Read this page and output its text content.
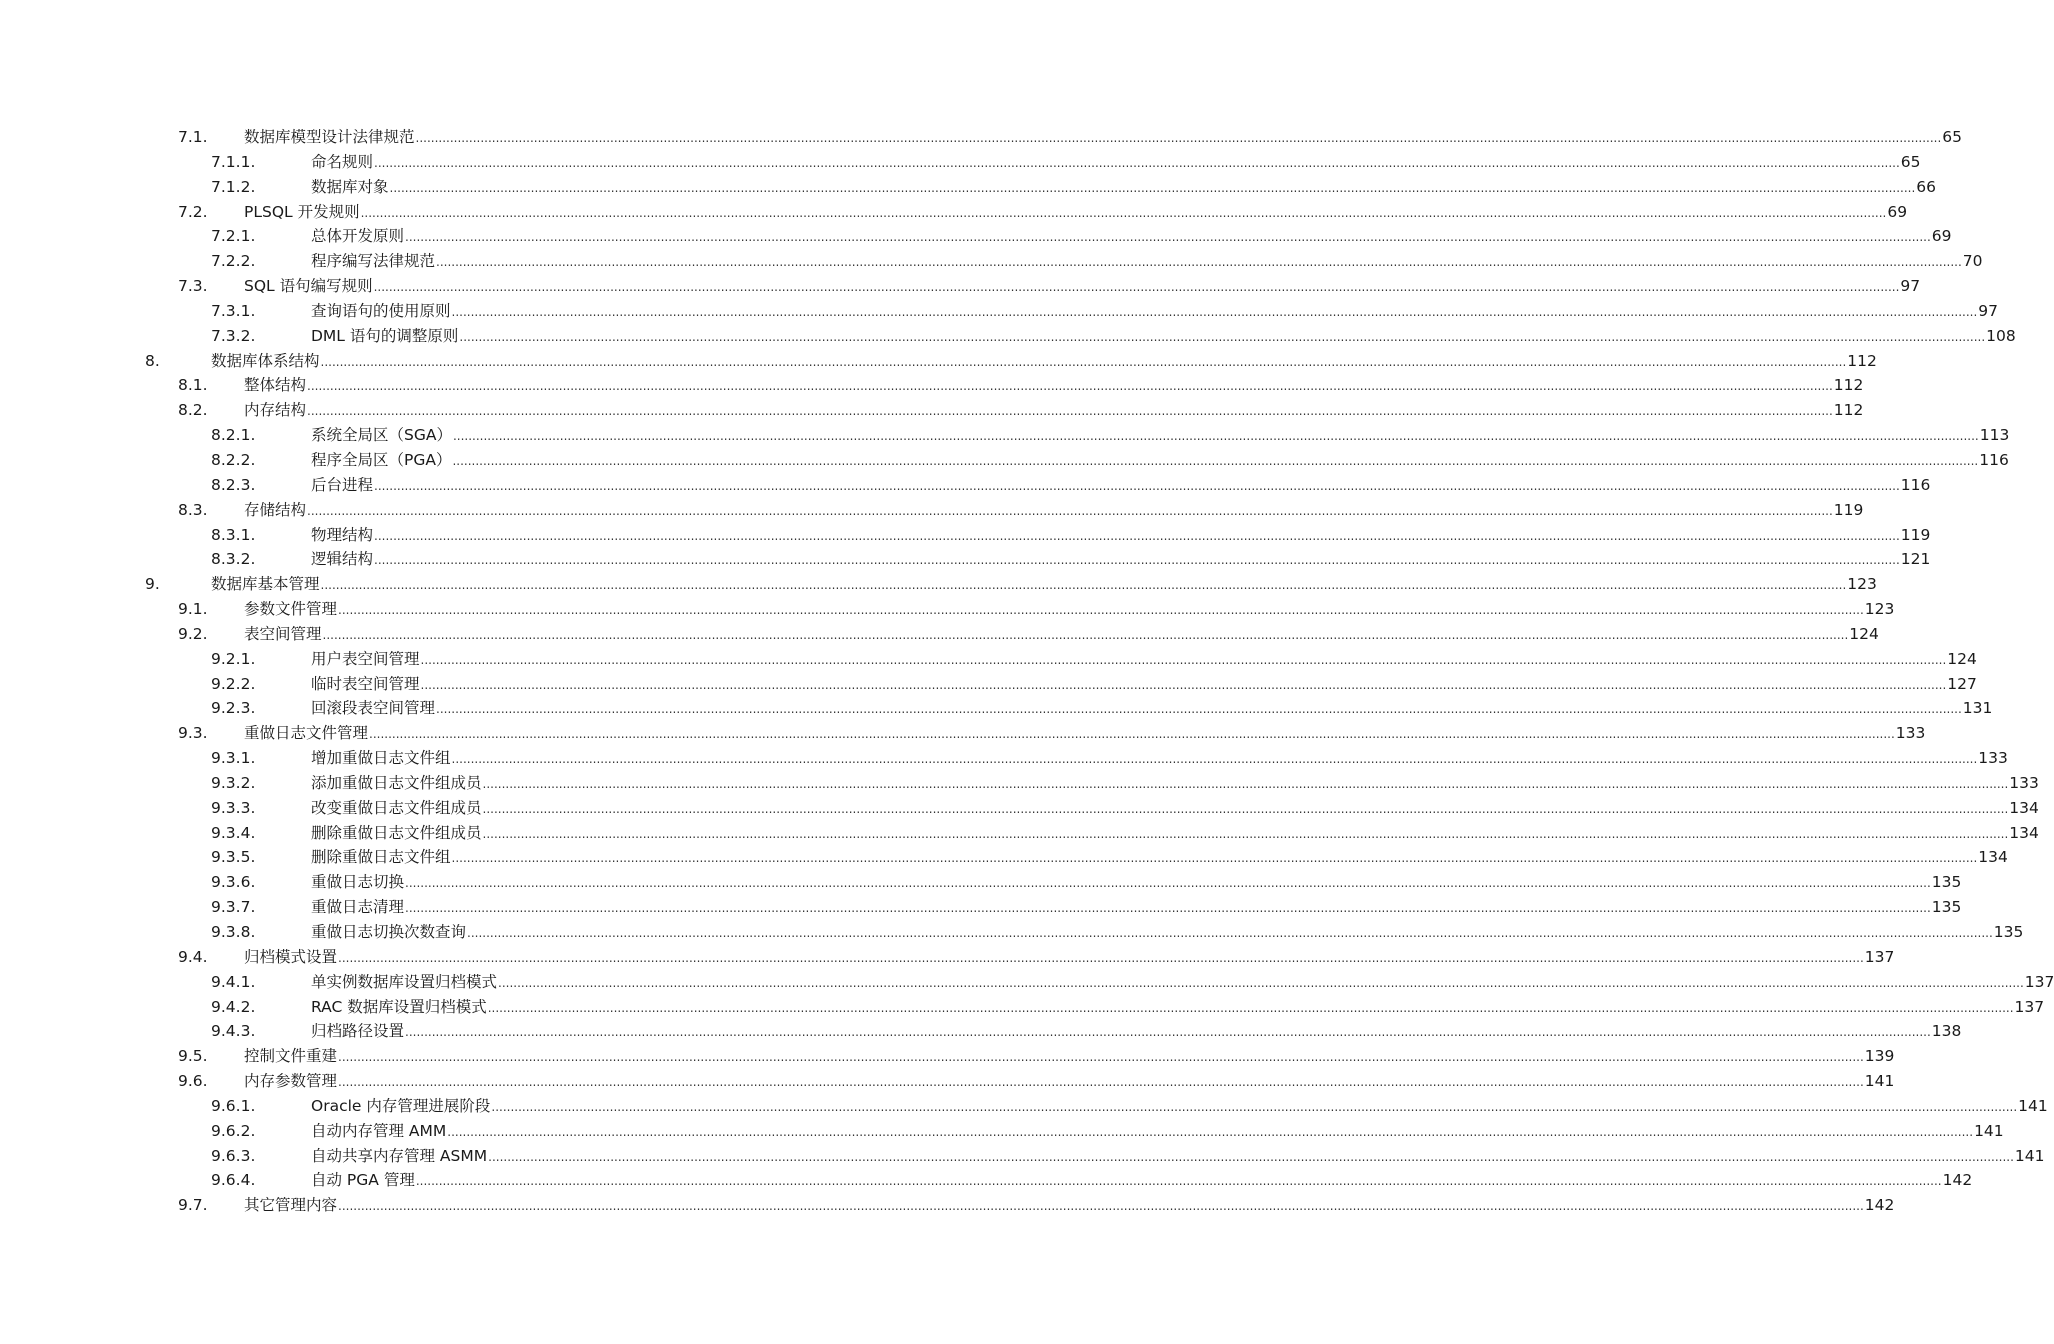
7.1. 数据库模型设计法律规范 ................................................................................................................................................................................................................................................................................................................................................................................................................ 65
7.1.1.	命名规则 ................................................................................................................................................................................................................................................................................................................................................................................................................ 65
7.1.2.	数据库对象 ................................................................................................................................................................................................................................................................................................................................................................................................................ 66
7.2. PLSQL 开发规则 ................................................................................................................................................................................................................................................................................................................................................................................................................ 69
7.2.1.	总体开发原则 ................................................................................................................................................................................................................................................................................................................................................................................................................ 69
7.2.2.	程序编写法律规范 ................................................................................................................................................................................................................................................................................................................................................................................................................ 70
7.3. SQL 语句编写规则 ................................................................................................................................................................................................................................................................................................................................................................................................................ 97
7.3.1.	查询语句的使用原则 ................................................................................................................................................................................................................................................................................................................................................................................................................ 97
7.3.2.	DML 语句的调整原则 ................................................................................................................................................................................................................................................................................................................................................................................................................ 108
8.	数据库体系结构 ................................................................................................................................................................................................................................................................................................................................................................................................................ 112
8.1. 整体结构 ................................................................................................................................................................................................................................................................................................................................................................................................................ 112
8.2. 内存结构 ................................................................................................................................................................................................................................................................................................................................................................................................................ 112
8.2.1.	系统全局区（SGA） ................................................................................................................................................................................................................................................................................................................................................................................................................ 113
8.2.2.	程序全局区（PGA） ................................................................................................................................................................................................................................................................................................................................................................................................................ 116
8.2.3.	后台进程 ................................................................................................................................................................................................................................................................................................................................................................................................................ 116
8.3. 存储结构 ................................................................................................................................................................................................................................................................................................................................................................................................................ 119
8.3.1.	物理结构 ................................................................................................................................................................................................................................................................................................................................................................................................................ 119
8.3.2.	逻辑结构 ................................................................................................................................................................................................................................................................................................................................................................................................................ 121
9.	数据库基本管理 ................................................................................................................................................................................................................................................................................................................................................................................................................ 123
9.1. 参数文件管理 ................................................................................................................................................................................................................................................................................................................................................................................................................ 123
9.2. 表空间管理 ................................................................................................................................................................................................................................................................................................................................................................................................................ 124
9.2.1.	用户表空间管理 ................................................................................................................................................................................................................................................................................................................................................................................................................ 124
9.2.2.	临时表空间管理 ................................................................................................................................................................................................................................................................................................................................................................................................................ 127
9.2.3.	回滚段表空间管理 ................................................................................................................................................................................................................................................................................................................................................................................................................ 131
9.3. 重做日志文件管理 ................................................................................................................................................................................................................................................................................................................................................................................................................ 133
9.3.1.	增加重做日志文件组 ................................................................................................................................................................................................................................................................................................................................................................................................................ 133
9.3.2.	添加重做日志文件组成员 ................................................................................................................................................................................................................................................................................................................................................................................................................ 133
9.3.3.	改变重做日志文件组成员 ................................................................................................................................................................................................................................................................................................................................................................................................................ 134
9.3.4.	删除重做日志文件组成员 ................................................................................................................................................................................................................................................................................................................................................................................................................ 134
9.3.5.	删除重做日志文件组 ................................................................................................................................................................................................................................................................................................................................................................................................................ 134
9.3.6.	重做日志切换 ................................................................................................................................................................................................................................................................................................................................................................................................................ 135
9.3.7.	重做日志清理 ................................................................................................................................................................................................................................................................................................................................................................................................................ 135
9.3.8.	重做日志切换次数查询 ................................................................................................................................................................................................................................................................................................................................................................................................................ 135
9.4. 归档模式设置 ................................................................................................................................................................................................................................................................................................................................................................................................................ 137
9.4.1.	单实例数据库设置归档模式 ................................................................................................................................................................................................................................................................................................................................................................................................................ 137
9.4.2.	RAC 数据库设置归档模式 ................................................................................................................................................................................................................................................................................................................................................................................................................ 137
9.4.3.	归档路径设置 ................................................................................................................................................................................................................................................................................................................................................................................................................ 138
9.5. 控制文件重建 ................................................................................................................................................................................................................................................................................................................................................................................................................ 139
9.6. 内存参数管理 ................................................................................................................................................................................................................................................................................................................................................................................................................ 141
9.6.1.	Oracle 内存管理进展阶段 ................................................................................................................................................................................................................................................................................................................................................................................................................ 141
9.6.2.	自动内存管理 AMM ................................................................................................................................................................................................................................................................................................................................................................................................................ 141
9.6.3.	自动共享内存管理 ASMM ................................................................................................................................................................................................................................................................................................................................................................................................................ 141
9.6.4.	自动 PGA 管理 ................................................................................................................................................................................................................................................................................................................................................................................................................ 142
9.7. 其它管理内容 ................................................................................................................................................................................................................................................................................................................................................................................................................ 142
